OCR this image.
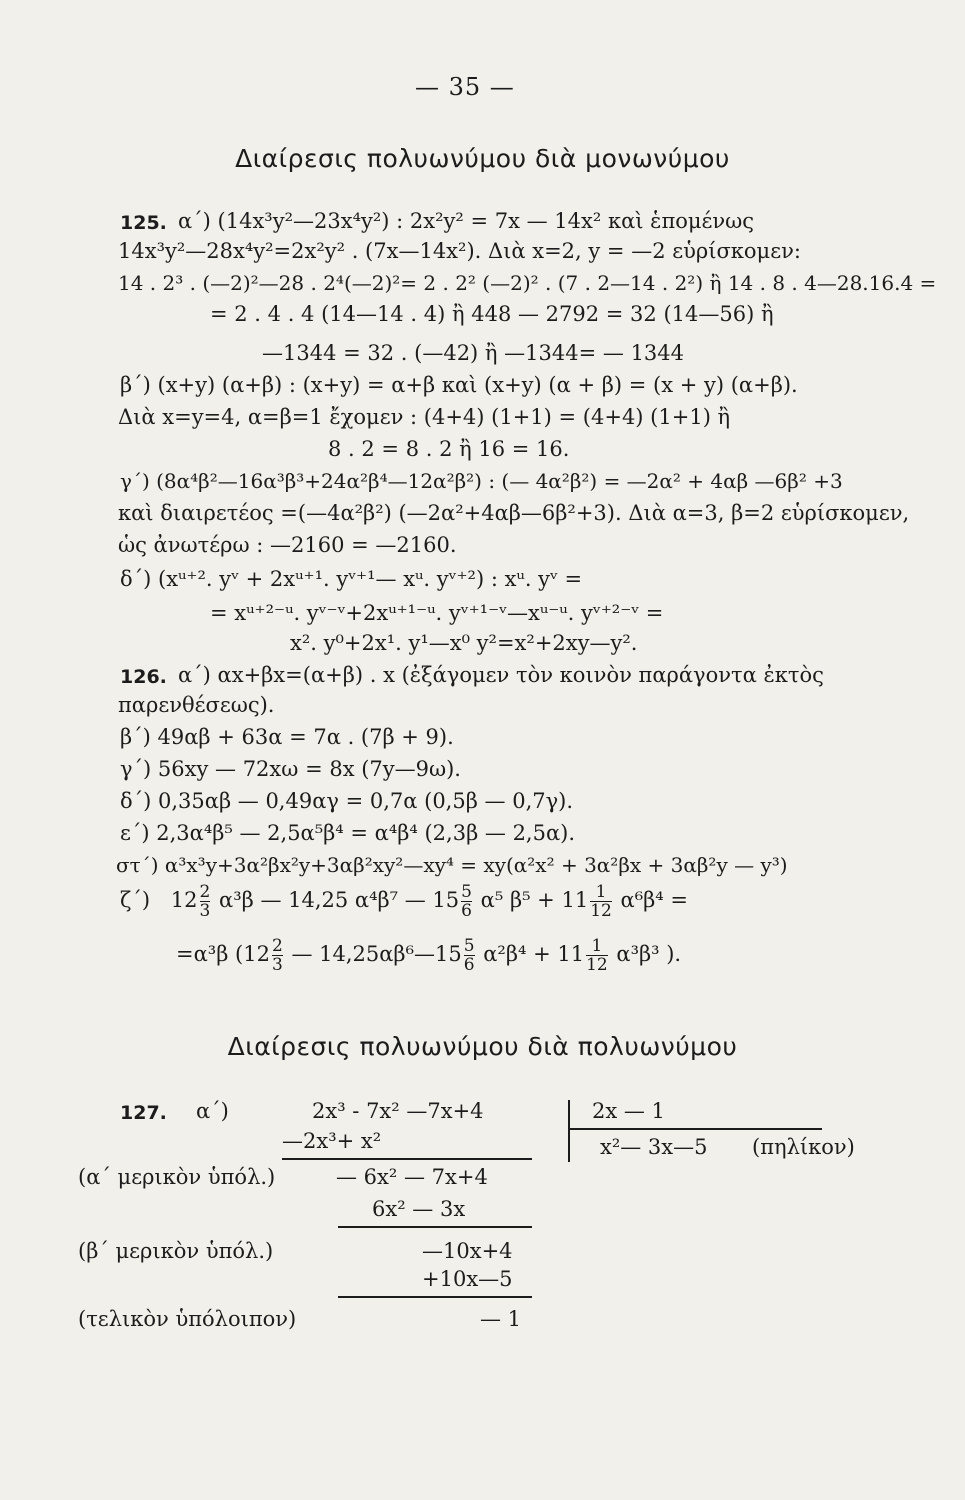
— 35 —
Διαίρεσις πολυωνύμου διὰ μονωνύμου
125. α΄) (14x³y²—23x⁴y²) : 2x²y² = 7x — 14x² καὶ ἑπομένως
14x³y²—28x⁴y²=2x²y² . (7x—14x²). Διὰ x=2, y = —2 εὑρίσκομεν:
14 . 2³ . (—2)²—28 . 2⁴(—2)²= 2 . 2² (—2)² . (7 . 2—14 . 2²) ἢ 14 . 8 . 4—28.16.4 =
= 2 . 4 . 4 (14—14 . 4) ἢ 448 — 2792 = 32 (14—56) ἢ
—1344 = 32 . (—42) ἢ —1344= — 1344
β΄) (x+y) (α+β) : (x+y) = α+β καὶ (x+y) (α + β) = (x + y) (α+β).
Διὰ x=y=4, α=β=1 ἔχομεν : (4+4) (1+1) = (4+4) (1+1) ἢ
8 . 2 = 8 . 2 ἢ 16 = 16.
γ΄) (8α⁴β²—16α³β³+24α²β⁴—12α²β²) : (— 4α²β²) = —2α² + 4αβ —6β² +3
καὶ διαιρετέος =(—4α²β²) (—2α²+4αβ—6β²+3). Διὰ α=3, β=2 εὑρίσκομεν,
ὡς ἀνωτέρω : —2160 = —2160.
δ΄) (xᵘ⁺². yᵛ + 2xᵘ⁺¹. yᵛ⁺¹— xᵘ. yᵛ⁺²) : xᵘ. yᵛ =
= xᵘ⁺²⁻ᵘ. yᵛ⁻ᵛ+2xᵘ⁺¹⁻ᵘ. yᵛ⁺¹⁻ᵛ—xᵘ⁻ᵘ. yᵛ⁺²⁻ᵛ =
x². y⁰+2x¹. y¹—x⁰ y²=x²+2xy—y².
126. α΄) αx+βx=(α+β) . x (ἐξάγομεν τὸν κοινὸν παράγοντα ἐκτὸς
παρενθέσεως).
β΄) 49αβ + 63α = 7α . (7β + 9).
γ΄) 56xy — 72xω = 8x (7y—9ω).
δ΄) 0,35αβ — 0,49αγ = 0,7α (0,5β — 0,7γ).
ε΄) 2,3α⁴β⁵ — 2,5α⁵β⁴ = α⁴β⁴ (2,3β — 2,5α).
στ΄) α³x³y+3α²βx²y+3αβ²xy²—xy⁴ = xy(α²x² + 3α²βx + 3αβ²y — y³)
ζ΄) $12 \frac{2}{3} \alpha^3\beta$ — 14,25 α⁴β⁷ — $15 \frac{5}{6} \alpha^5$ $\beta^5 + 11 \frac{1}{12} \alpha^6\beta^4$ =
=α³β ($12 \frac{2}{3}$ — 14,25αβ⁶—15 $\frac{5}{6} \alpha^2\beta^4 + 11 \frac{1}{12} \alpha^3\beta^3$ ).
Διαίρεσις πολυωνύμου διὰ πολυωνύμου
127. α΄)	2x³ - 7x² —7x+4	2x — 1
x²— 3x—5 (πηλίκον)
—2x³+ x²
(α΄ μερικὸν ὑπόλ.)	— 6x² — 7x+4
6x² — 3x
(β΄ μερικὸν ὑπόλ.)	—10x+4
+10x—5
(τελικὸν ὑπόλοιπον)	— 1
